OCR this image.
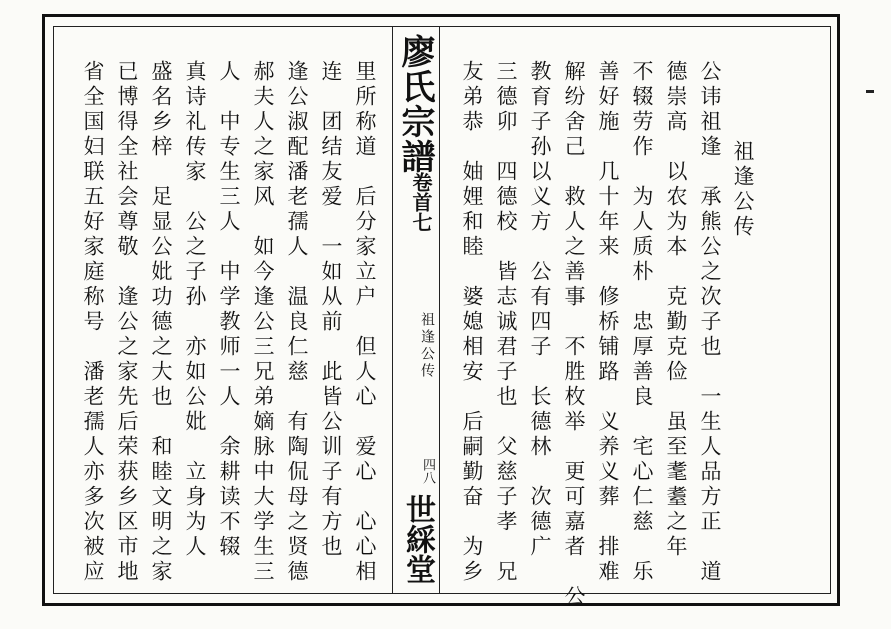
廖氏宗譜
卷首七
祖逢公传
四八
世綵堂
祖逢公传
公讳祖逢　承熊公之次子也　一生人品方正　道
德崇高　以农为本　克勤克俭　虽至耄耋之年
不辍劳作　为人质朴　忠厚善良　宅心仁慈　乐
善好施　几十年来　修桥铺路　义养义葬　排难
解纷舍己　救人之善事　不胜枚举　更可嘉者　公
教育子孙以义方　公有四子　长德林　次德广
三德卯　四德校　皆志诚君子也　父慈子孝　兄
友弟恭　妯娌和睦　婆媳相安　后嗣勤奋　为乡
里所称道　后分家立户　但人心　爱心　心心相
连　团结友爱　一如从前　此皆公训子有方也
逢公淑配潘老孺人　温良仁慈　有陶侃母之贤德
郝夫人之家风　如今逢公三兄弟嫡脉中大学生三
人　中专生三人　中学教师一人　余耕读不辍
真诗礼传家　公之子孙　亦如公妣　立身为人
盛名乡梓　足显公妣功德之大也　和睦文明之家
已博得全社会尊敬　逢公之家先后荣获乡区市地
省全国妇联五好家庭称号　潘老孺人亦多次被应
